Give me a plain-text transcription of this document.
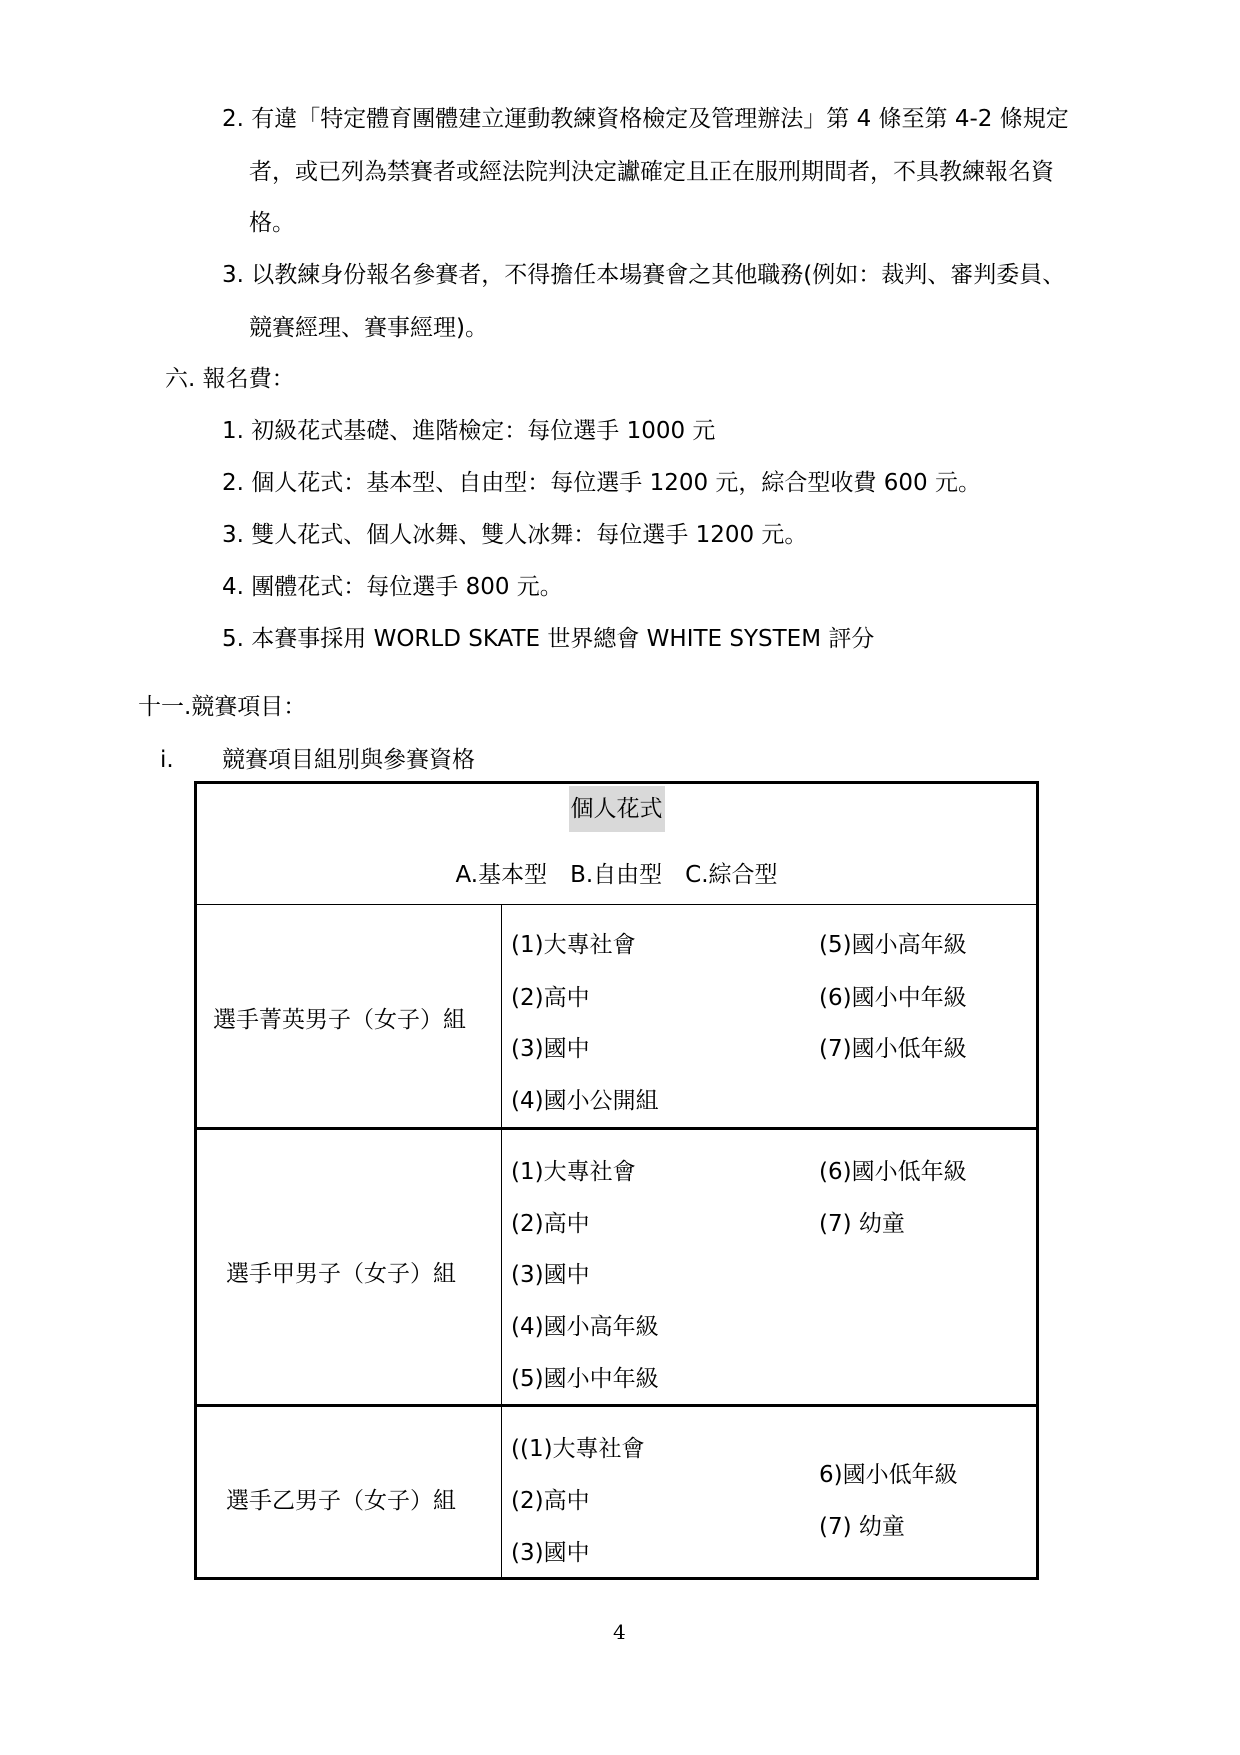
2. 有違「特定體育團體建立運動教練資格檢定及管理辦法」第 4 條至第 4-2 條規定
者，或已列為禁賽者或經法院判決定讞確定且正在服刑期間者，不具教練報名資
格。
3. 以教練身份報名參賽者，不得擔任本場賽會之其他職務(例如：裁判、審判委員、
競賽經理、賽事經理)。
六. 報名費：
1. 初級花式基礎、進階檢定：每位選手 1000 元
2. 個人花式：基本型、自由型：每位選手 1200 元，綜合型收費 600 元。
3. 雙人花式、個人冰舞、雙人冰舞：每位選手 1200 元。
4. 團體花式：每位選手 800 元。
5. 本賽事採用 WORLD SKATE 世界總會 WHITE SYSTEM 評分
十一.競賽項目：
i. 競賽項目組別與參賽資格
個人花式
A.基本型　B.自由型　C.綜合型
選手菁英男子（女子）組
(1)大專社會
(2)高中
(3)國中
(4)國小公開組
(5)國小高年級
(6)國小中年級
(7)國小低年級
選手甲男子（女子）組
(1)大專社會
(2)高中
(3)國中
(4)國小高年級
(5)國小中年級
(6)國小低年級
(7) 幼童
選手乙男子（女子）組
((1)大專社會
(2)高中
(3)國中
6)國小低年級
(7) 幼童
4
